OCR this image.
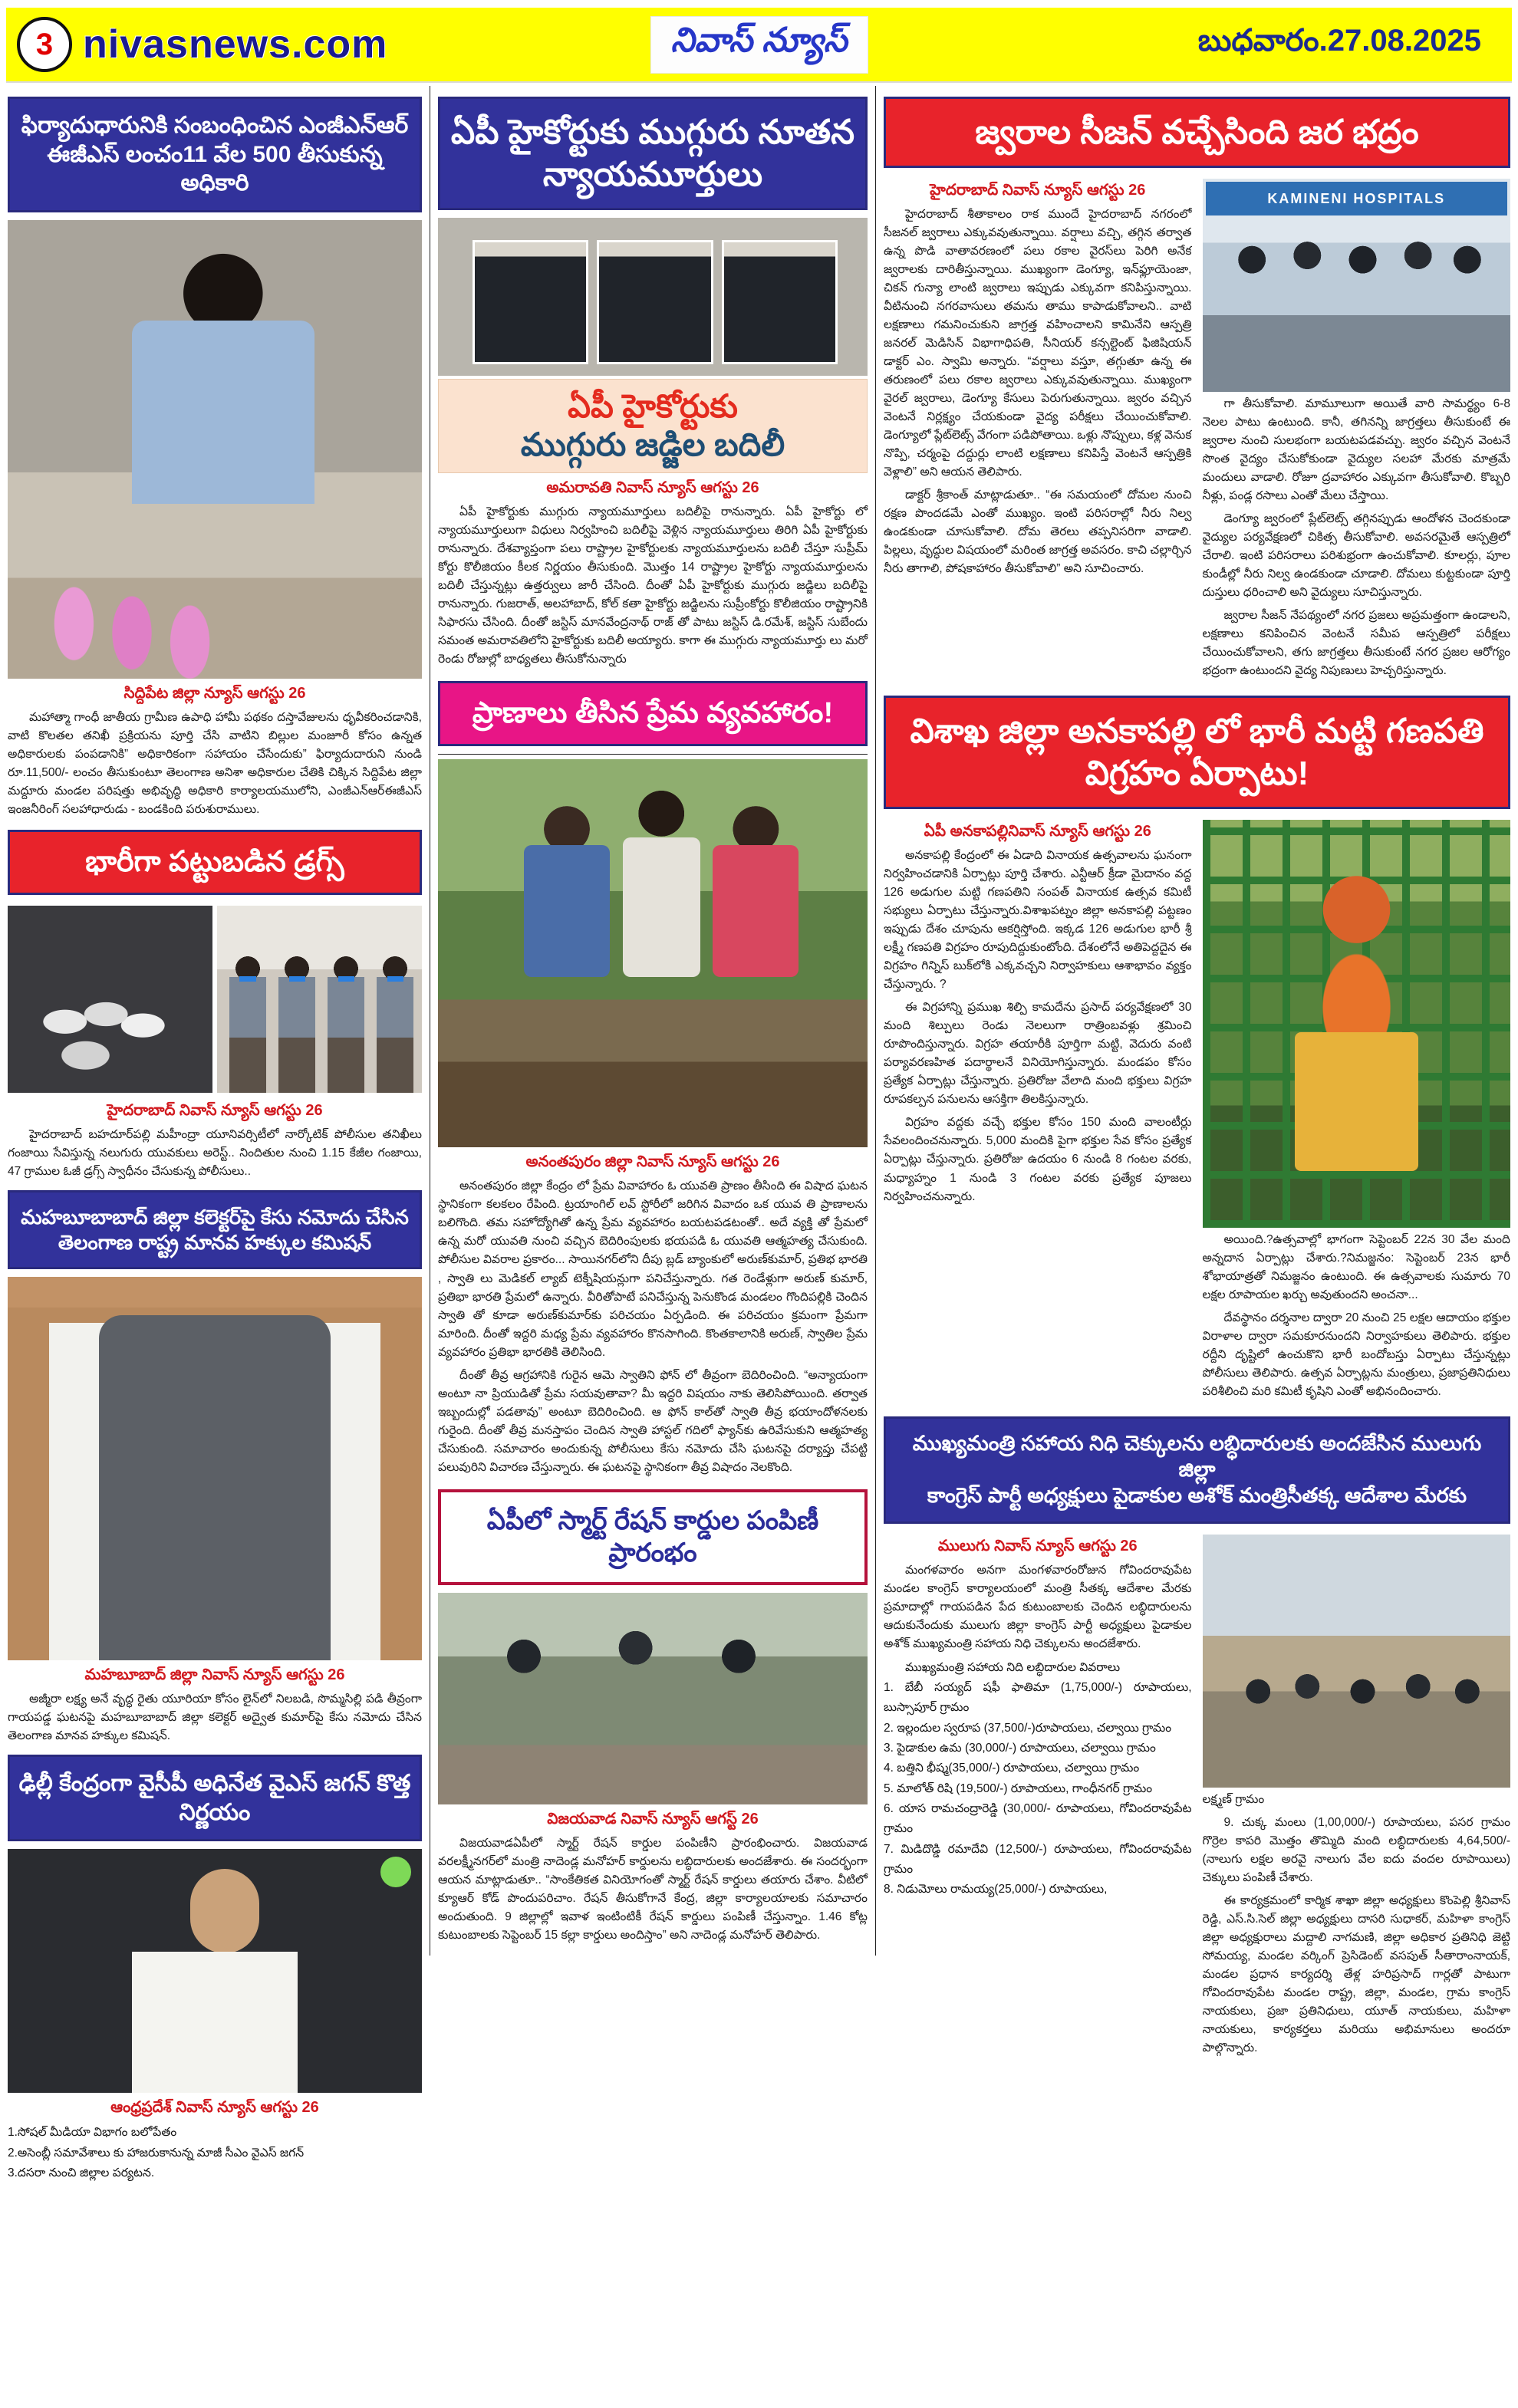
3 nivasnews.com	నివాస్ న్యూస్	బుధవారం.27.08.2025
ఫిర్యాదుధారునికి సంబంధించిన ఎంజీఎన్ఆర్ ఈజీఎస్ లంచం11 వేల 500 తీసుకున్న అధికారి
సిద్దిపేట జిల్లా న్యూస్ ఆగస్టు 26

మహాత్మా గాంధీ జాతీయ గ్రామీణ ఉపాధి హామీ పథకం దస్తావేజులను ధృవీకరించడానికి, వాటి కొలతల తనిఖీ ప్రక్రియను పూర్తి చేసి వాటిని బిల్లుల మంజూరీ కోసం ఉన్నత అధికారులకు పంపడానికి” అధికారికంగా సహాయం చేసేందుకు” ఫిర్యాదుదారుని నుండి రూ.11,500/- లంచం తీసుకుంటూ తెలంగాణ అనిశా అధికారుల చేతికి చిక్కిన సిద్దిపేట జిల్లా మద్దూరు మండల పరిషత్తు అభివృద్ధి అధికారి కార్యాలయములోని, ఎంజీఎన్ఆర్ఈజీఎస్ ఇంజనీరింగ్ సలహాధారుడు - బండకింది పరుశురాములు.

భారీగా పట్టుబడిన డ్రగ్స్
హైదరాబాద్ నివాస్ న్యూస్ ఆగస్టు 26

హైదరాబాద్ బహదూర్‌పల్లి మహీంద్రా యూనివర్సిటీలో నార్కోటిక్ పోలీసుల తనిఖీలు గంజాయి సేవిస్తున్న నలుగురు యువకులు అరెస్ట్.. నిందితుల నుంచి 1.15 కేజీల గంజాయి, 47 గ్రాముల ఓజీ డ్రగ్స్ స్వాధీనం చేసుకున్న పోలీసులు..

మహబూబాబాద్ జిల్లా కలెక్టర్‌పై కేసు నమోదు చేసిన తెలంగాణ రాష్ట్ర మానవ హక్కుల కమిషన్
మహబూబాద్ జిల్లా నివాస్ న్యూస్ ఆగస్టు 26

అజ్మీరా లక్ష్య అనే వృద్ధ రైతు యూరియా కోసం లైన్‌లో నిలబడి, సొమ్మసిల్లి పడి తీవ్రంగా గాయపడ్డ ఘటనపై మహబూబాబాద్ జిల్లా కలెక్టర్ అద్వైత కుమార్‌పై కేసు నమోదు చేసిన తెలంగాణ మానవ హక్కుల కమిషన్.

ఢిల్లీ కేంద్రంగా వైసీపీ అధినేత వైఎస్ జగన్ కొత్త నిర్ణయం
ఆంధ్రప్రదేశ్ నివాస్ న్యూస్ ఆగస్టు 26
1.సోషల్ మీడియా విభాగం బలోపేతం
2.అసెంబ్లీ సమావేశాలు కు హాజరుకానున్న మాజీ సీఎం వైఎస్ జగన్
3.దసరా నుంచి జిల్లాల పర్యటన.
ఏపీ హైకోర్టుకు ముగ్గురు నూతన న్యాయమూర్తులు
ఏపీ హైకోర్టుకు
ముగ్గురు జడ్జిల బదిలీ
అమరావతి నివాస్ న్యూస్ ఆగస్టు 26

ఏపీ హైకోర్టుకు ముగ్గురు న్యాయమూర్తులు బదిలీపై రానున్నారు. ఏపీ హైకోర్టు లో న్యాయమూర్తులుగా విధులు నిర్వహించి బదిలీపై వెళ్లిన న్యాయమూర్తులు తిరిగి ఏపీ హైకోర్టుకు రానున్నారు. దేశవ్యాప్తంగా పలు రాష్ట్రాల హైకోర్టులకు న్యాయమూర్తులను బదిలీ చేస్తూ సుప్రీమ్ కోర్టు కొలీజియం కీలక నిర్ణయం తీసుకుంది. మొత్తం 14 రాష్ట్రాల హైకోర్టు న్యాయమూర్తులను బదిలీ చేస్తున్నట్లు ఉత్తర్వులు జారీ చేసింది. దీంతో ఏపీ హైకోర్టుకు ముగ్గురు జడ్జిలు బదిలీపై రానున్నారు. గుజరాత్, అలహాబాద్, కోల్ కతా హైకోర్టు జడ్జిలను సుప్రీంకోర్టు కొలీజియం రాష్ట్రానికి సిఫారసు చేసింది. దీంతో జస్టిస్ మానవేంద్రనాథ్ రాజ్ తో పాటు జస్టిస్ డి.రమేశ్, జస్టిస్ సుబేందు సమంత అమరావతిలోని హైకోర్టుకు బదిలీ అయ్యారు. కాగా ఈ ముగ్గురు న్యాయమూర్తు లు మరో రెండు రోజుల్లో బాధ్యతలు తీసుకోనున్నారు

ప్రాణాలు తీసిన ప్రేమ వ్యవహారం!
అనంతపురం జిల్లా నివాస్ న్యూస్ ఆగస్టు 26

అనంతపురం జిల్లా కేంద్రం లో ప్రేమ వివాహారం ఓ యువతి ప్రాణం తీసింది ఈ విషాద ఘటన స్థానికంగా కలకలం రేపింది. ట్రయాంగిల్ లవ్ స్టోరీలో జరిగిన వివాదం ఒక యువ తి ప్రాణాలను బలిగొంది. తమ సహోద్యోగితో ఉన్న ప్రేమ వ్యవహారం బయటపడటంతో.. అదే వ్యక్తి తో ప్రేమలో ఉన్న మరో యువతి నుంచి వచ్చిన బెదిరింపులకు భయపడి ఓ యువతి ఆత్మహత్య చేసుకుంది. పోలీసుల వివరాల ప్రకారం... సాయినగర్‌లోని దీపు బ్లడ్ బ్యాంకులో అరుణ్‌కుమార్, ప్రతిభ భారతి , స్వాతి లు మెడికల్ ల్యాబ్ టెక్నీషియన్లుగా పనిచేస్తున్నారు. గత రెండేళ్లుగా అరుణ్ కుమార్, ప్రతిభా భారతి ప్రేమలో ఉన్నారు. వీరితోపాటే పనిచేస్తున్న పెనుకొండ మండలం గొందిపల్లికి చెందిన స్వాతి తో కూడా అరుణ్‌కుమార్‌కు పరిచయం ఏర్పడింది. ఈ పరిచయం క్రమంగా ప్రేమగా మారింది. దీంతో ఇద్దరి మధ్య ప్రేమ వ్యవహారం కొనసాగింది. కొంతకాలానికి అరుణ్, స్వాతిల ప్రేమ వ్యవహారం ప్రతిభా భారతికి తెలిసింది.

దీంతో తీవ్ర ఆగ్రహానికి గురైన ఆమె స్వాతిని ఫోన్ లో తీవ్రంగా బెదిరించింది. “అన్యాయంగా అంటూ నా ప్రియుడితో ప్రేమ సయవుతావా? మీ ఇద్దరి విషయం నాకు తెలిసిపోయింది. తర్వాత ఇబ్బందుల్లో పడతావు” అంటూ బెదిరించింది. ఆ ఫోన్ కాల్‌తో స్వాతి తీవ్ర భయాందోళనలకు గురైంది. దీంతో తీవ్ర మనస్తాపం చెందిన స్వాతి హాస్టల్ గదిలో ఫ్యాన్‌కు ఉరివేసుకుని ఆత్మహత్య చేసుకుంది. సమాచారం అందుకున్న పోలీసులు కేసు నమోదు చేసి ఘటనపై దర్యాప్తు చేపట్టి పలువురిని విచారణ చేస్తున్నారు. ఈ ఘటనపై స్థానికంగా తీవ్ర విషాదం నెలకొంది.

ఏపీలో స్మార్ట్ రేషన్ కార్డుల పంపిణీ ప్రారంభం
విజయవాడ నివాస్ న్యూస్ ఆగస్ట్ 26

విజయవాడఏపీలో స్మార్ట్ రేషన్ కార్డుల పంపిణీని ప్రారంభించారు. విజయవాడ వరలక్ష్మీనగర్‌లో మంత్రి నాదెండ్ల మనోహర్ కార్డులను లబ్ధిదారులకు అందజేశారు. ఈ సందర్భంగా ఆయన మాట్లాడుతూ.. “సాంకేతికత వినియోగంతో స్మార్ట్ రేషన్ కార్డులు తయారు చేశాం. వీటిలో క్యూఆర్ కోడ్ పొందుపరిచాం. రేషన్ తీసుకోగానే కేంద్ర, జిల్లా కార్యాలయాలకు సమాచారం అందుతుంది. 9 జిల్లాల్లో ఇవాళ ఇంటింటికీ రేషన్ కార్డులు పంపిణీ చేస్తున్నాం. 1.46 కోట్ల కుటుంబాలకు సెప్టెంబర్ 15 కల్లా కార్డులు అందిస్తాం” అని నాదెండ్ల మనోహర్ తెలిపారు.

జ్వరాల సీజన్ వచ్చేసింది జర భద్రం
హైదరాబాద్ నివాస్ న్యూస్ ఆగస్టు 26

హైదరాబాద్ శీతాకాలం రాక ముందే హైదరాబాద్ నగరంలో సీజనల్ జ్వరాలు ఎక్కువవుతున్నాయి. వర్షాలు వచ్చి, తగ్గిన తర్వాత ఉన్న పొడి వాతావరణంలో పలు రకాల వైరస్‌లు పెరిగి అనేక జ్వరాలకు దారితీస్తున్నాయి. ముఖ్యంగా డెంగ్యూ, ఇన్‌ఫ్లూయెంజా, చికన్ గున్యా లాంటి జ్వరాలు ఇప్పుడు ఎక్కువగా కనిపిస్తున్నాయి. వీటినుంచి నగరవాసులు తమను తాము కాపాడుకోవాలని.. వాటి లక్షణాలు గమనించుకుని జాగ్రత్త వహించాలని కామినేని ఆస్పత్రి జనరల్ మెడిసిన్ విభాగాధిపతి, సీనియర్ కన్సల్టెంట్ ఫిజిషియన్ డాక్టర్ ఎం. స్వామి అన్నారు. “వర్షాలు వస్తూ, తగ్గుతూ ఉన్న ఈ తరుణంలో పలు రకాల జ్వరాలు ఎక్కువవుతున్నాయి. ముఖ్యంగా వైరల్ జ్వరాలు, డెంగ్యూ కేసులు పెరుగుతున్నాయి. జ్వరం వచ్చిన వెంటనే నిర్లక్ష్యం చేయకుండా వైద్య పరీక్షలు చేయించుకోవాలి. డెంగ్యూలో ప్లేట్‌లెట్స్ వేగంగా పడిపోతాయి. ఒళ్లు నొప్పులు, కళ్ల వెనుక నొప్పి, చర్మంపై దద్దుర్లు లాంటి లక్షణాలు కనిపిస్తే వెంటనే ఆస్పత్రికి వెళ్లాలి” అని ఆయన తెలిపారు.

డాక్టర్ శ్రీకాంత్ మాట్లాడుతూ.. “ఈ సమయంలో దోమల నుంచి రక్షణ పొందడమే ఎంతో ముఖ్యం. ఇంటి పరిసరాల్లో నీరు నిల్వ ఉండకుండా చూసుకోవాలి. దోమ తెరలు తప్పనిసరిగా వాడాలి. పిల్లలు, వృద్ధుల విషయంలో మరింత జాగ్రత్త అవసరం. కాచి చల్లార్చిన నీరు తాగాలి, పోషకాహారం తీసుకోవాలి” అని సూచించారు.

KAMINENI HOSPITALS

గా తీసుకోవాలి. మామూలుగా అయితే వారి సామర్థ్యం 6-8 నెలల పాటు ఉంటుంది. కానీ, తగినన్ని జాగ్రత్తలు తీసుకుంటే ఈ జ్వరాల నుంచి సులభంగా బయటపడవచ్చు. జ్వరం వచ్చిన వెంటనే సొంత వైద్యం చేసుకోకుండా వైద్యుల సలహా మేరకు మాత్రమే మందులు వాడాలి. రోజూ ద్రవాహారం ఎక్కువగా తీసుకోవాలి. కొబ్బరి నీళ్లు, పండ్ల రసాలు ఎంతో మేలు చేస్తాయి.

డెంగ్యూ జ్వరంలో ప్లేట్‌లెట్స్ తగ్గినప్పుడు ఆందోళన చెందకుండా వైద్యుల పర్యవేక్షణలో చికిత్స తీసుకోవాలి. అవసరమైతే ఆస్పత్రిలో చేరాలి. ఇంటి పరిసరాలు పరిశుభ్రంగా ఉంచుకోవాలి. కూలర్లు, పూల కుండీల్లో నీరు నిల్వ ఉండకుండా చూడాలి. దోమలు కుట్టకుండా పూర్తి దుస్తులు ధరించాలి అని వైద్యులు సూచిస్తున్నారు.

జ్వరాల సీజన్ నేపథ్యంలో నగర ప్రజలు అప్రమత్తంగా ఉండాలని, లక్షణాలు కనిపించిన వెంటనే సమీప ఆస్పత్రిలో పరీక్షలు చేయించుకోవాలని, తగు జాగ్రత్తలు తీసుకుంటే నగర ప్రజల ఆరోగ్యం భద్రంగా ఉంటుందని వైద్య నిపుణులు హెచ్చరిస్తున్నారు.

విశాఖ జిల్లా అనకాపల్లి లో భారీ మట్టి గణపతి విగ్రహం ఏర్పాటు!
ఏపీ అనకాపల్లినివాస్ న్యూస్ ఆగస్టు 26

అనకాపల్లి కేంద్రంలో ఈ ఏడాది వినాయక ఉత్సవాలను ఘనంగా నిర్వహించడానికి ఏర్పాట్లు పూర్తి చేశారు. ఎన్టీఆర్ క్రీడా మైదానం వద్ద 126 అడుగుల మట్టి గణపతిని సంపత్ వినాయక ఉత్సవ కమిటీ సభ్యులు ఏర్పాటు చేస్తున్నారు.విశాఖపట్నం జిల్లా అనకాపల్లి పట్టణం ఇప్పుడు దేశం చూపును ఆకర్షిస్తోంది. ఇక్కడ 126 అడుగుల భారీ శ్రీ లక్ష్మీ గణపతి విగ్రహం రూపుదిద్దుకుంటోంది. దేశంలోనే అతిపెద్దదైన ఈ విగ్రహం గిన్నిస్ బుక్‌లోకి ఎక్కవచ్చని నిర్వాహకులు ఆశాభావం వ్యక్తం చేస్తున్నారు. ?

ఈ విగ్రహాన్ని ప్రముఖ శిల్పి కామదేను ప్రసాద్ పర్యవేక్షణలో 30 మంది శిల్పులు రెండు నెలలుగా రాత్రింబవళ్లు శ్రమించి రూపొందిస్తున్నారు. విగ్రహ తయారీకి పూర్తిగా మట్టి, వెదురు వంటి పర్యావరణహిత పదార్థాలనే వినియోగిస్తున్నారు. మండపం కోసం ప్రత్యేక ఏర్పాట్లు చేస్తున్నారు. ప్రతిరోజు వేలాది మంది భక్తులు విగ్రహ రూపకల్పన పనులను ఆసక్తిగా తిలకిస్తున్నారు.

విగ్రహం వద్దకు వచ్చే భక్తుల కోసం 150 మంది వాలంటీర్లు సేవలందించనున్నారు. 5,000 మందికి పైగా భక్తుల సేవ కోసం ప్రత్యేక ఏర్పాట్లు చేస్తున్నారు. ప్రతిరోజు ఉదయం 6 నుండి 8 గంటల వరకు, మధ్యాహ్నం 1 నుండి 3 గంటల వరకు ప్రత్యేక పూజలు నిర్వహించనున్నారు.

అయింది.?ఉత్సవాల్లో భాగంగా సెప్టెంబర్ 22న 30 వేల మంది అన్నదాన ఏర్పాట్లు చేశారు.?నిమజ్జనం: సెప్టెంబర్ 23న భారీ శోభాయాత్రతో నిమజ్జనం ఉంటుంది. ఈ ఉత్సవాలకు సుమారు 70 లక్షల రూపాయల ఖర్చు అవుతుందని అంచనా...

దేవస్థానం దర్శనాల ద్వారా 20 నుంచి 25 లక్షల ఆదాయం భక్తుల విరాళాల ద్వారా సమకూరనుందని నిర్వాహకులు తెలిపారు. భక్తుల రద్దీని దృష్టిలో ఉంచుకొని భారీ బందోబస్తు ఏర్పాటు చేస్తున్నట్లు పోలీసులు తెలిపారు. ఉత్సవ ఏర్పాట్లను మంత్రులు, ప్రజాప్రతినిధులు పరిశీలించి మరి కమిటీ కృషిని ఎంతో అభినందించారు.

ముఖ్యమంత్రి సహాయ నిధి చెక్కులను లబ్ధిదారులకు అందజేసిన ములుగు జిల్లా
కాంగ్రెస్ పార్టీ అధ్యక్షులు పైడాకుల అశోక్ మంత్రిసీతక్క ఆదేశాల మేరకు
ములుగు నివాస్ న్యూస్ ఆగస్టు 26

మంగళవారం అనగా మంగళవారంరోజున గోవిందరావుపేట మండల కాంగ్రెస్ కార్యాలయంలో మంత్రి సీతక్క ఆదేశాల మేరకు ప్రమాదాల్లో గాయపడిన పేద కుటుంబాలకు చెందిన లబ్ధిదారులను ఆదుకునేందుకు ములుగు జిల్లా కాంగ్రెస్ పార్టీ అధ్యక్షులు పైడాకుల అశోక్ ముఖ్యమంత్రి సహాయ నిధి చెక్కులను అందజేశారు.

ముఖ్యమంత్రి సహాయ నిది లబ్ధిదారుల వివరాలు
1. బేబీ సయ్యద్ షఫీ ఫాతిమా (1,75,000/-) రూపాయలు, బుస్సాపూర్ గ్రామం
2. ఇల్లందుల స్వరూప (37,500/-)రూపాయలు, చల్వాయి గ్రామం
3. పైడాకుల ఉమ (30,000/-) రూపాయలు, చల్వాయి గ్రామం
4. బత్తిని భీష్మ(35,000/-) రూపాయలు, చల్వాయి గ్రామం
5. మాలోత్ రిషి (19,500/-) రూపాయలు, గాంధీనగర్ గ్రామం
6. యాస రామచంద్రారెడ్డి (30,000/- రూపాయలు, గోవిందరావుపేట గ్రామం
7. మిడిదొడ్డి రమాదేవి (12,500/-) రూపాయలు, గోవిందరావుపేట గ్రామం
8. నిడుమోలు రామయ్య(25,000/-) రూపాయలు,

లక్ష్మణ్ గ్రామం

9. చుక్క మంలు (1,00,000/-) రూపాయలు, పసర గ్రామం గొర్రెల కాపరి మొత్తం తొమ్మిది మంది లబ్ధిదారులకు 4,64,500/- (నాలుగు లక్షల అరవై నాలుగు వేల ఐదు వందల రూపాయిలు) చెక్కులు పంపిణీ చేశారు.

ఈ కార్యక్రమంలో కార్మిక శాఖా జిల్లా అధ్యక్షులు కొంపెల్లి శ్రీనివాస్ రెడ్డి, ఎస్.సి.సెల్ జిల్లా అధ్యక్షులు దాసరి సుధాకర్, మహిళా కాంగ్రెస్ జిల్లా అధ్యక్షురాలు మద్దాలి నాగమణి, జిల్లా అధికార ప్రతినిధి జెట్టి సోమయ్య, మండల వర్కింగ్ ప్రెసిడెంట్ వసపుత్ సీతారాంనాయక్, మండల ప్రధాన కార్యదర్శి తేళ్ల హరిప్రసాద్ గార్లతో పాటుగా గోవిందరావుపేట మండల రాష్ట్ర, జిల్లా, మండల, గ్రామ కాంగ్రెస్ నాయకులు, ప్రజా ప్రతినిధులు, యూత్ నాయకులు, మహిళా నాయకులు, కార్యకర్తలు మరియు అభిమానులు అందరూ పాల్గొన్నారు.
